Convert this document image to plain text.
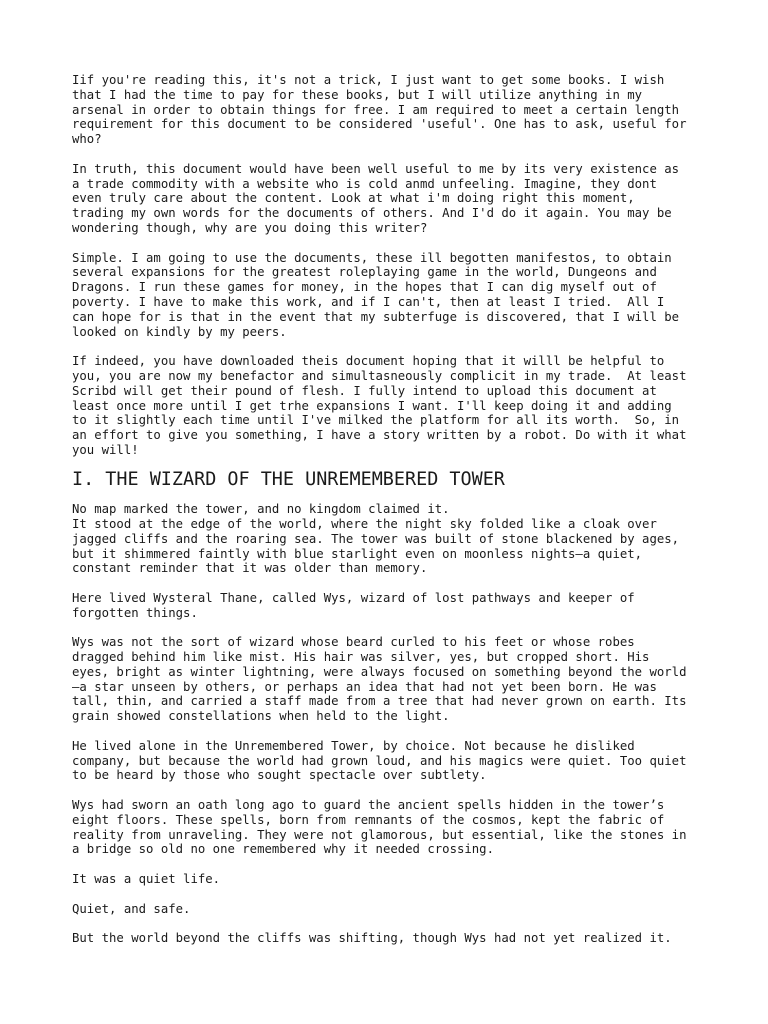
Iif you're reading this, it's not a trick, I just want to get some books. I wish
that I had the time to pay for these books, but I will utilize anything in my
arsenal in order to obtain things for free. I am required to meet a certain length
requirement for this document to be considered 'useful'. One has to ask, useful for
who?

In truth, this document would have been well useful to me by its very existence as
a trade commodity with a website who is cold anmd unfeeling. Imagine, they dont
even truly care about the content. Look at what i'm doing right this moment,
trading my own words for the documents of others. And I'd do it again. You may be
wondering though, why are you doing this writer?

Simple. I am going to use the documents, these ill begotten manifestos, to obtain
several expansions for the greatest roleplaying game in the world, Dungeons and
Dragons. I run these games for money, in the hopes that I can dig myself out of
poverty. I have to make this work, and if I can't, then at least I tried.  All I
can hope for is that in the event that my subterfuge is discovered, that I will be
looked on kindly by my peers.

If indeed, you have downloaded theis document hoping that it willl be helpful to
you, you are now my benefactor and simultasneously complicit in my trade.  At least
Scribd will get their pound of flesh. I fully intend to upload this document at
least once more until I get trhe expansions I want. I'll keep doing it and adding
to it slightly each time until I've milked the platform for all its worth.  So, in
an effort to give you something, I have a story written by a robot. Do with it what
you will!

I. THE WIZARD OF THE UNREMEMBERED TOWER

No map marked the tower, and no kingdom claimed it.
It stood at the edge of the world, where the night sky folded like a cloak over
jagged cliffs and the roaring sea. The tower was built of stone blackened by ages,
but it shimmered faintly with blue starlight even on moonless nights—a quiet,
constant reminder that it was older than memory.

Here lived Wysteral Thane, called Wys, wizard of lost pathways and keeper of
forgotten things.

Wys was not the sort of wizard whose beard curled to his feet or whose robes
dragged behind him like mist. His hair was silver, yes, but cropped short. His
eyes, bright as winter lightning, were always focused on something beyond the world
—a star unseen by others, or perhaps an idea that had not yet been born. He was
tall, thin, and carried a staff made from a tree that had never grown on earth. Its
grain showed constellations when held to the light.

He lived alone in the Unremembered Tower, by choice. Not because he disliked
company, but because the world had grown loud, and his magics were quiet. Too quiet
to be heard by those who sought spectacle over subtlety.

Wys had sworn an oath long ago to guard the ancient spells hidden in the tower’s
eight floors. These spells, born from remnants of the cosmos, kept the fabric of
reality from unraveling. They were not glamorous, but essential, like the stones in
a bridge so old no one remembered why it needed crossing.

It was a quiet life.

Quiet, and safe.

But the world beyond the cliffs was shifting, though Wys had not yet realized it.
